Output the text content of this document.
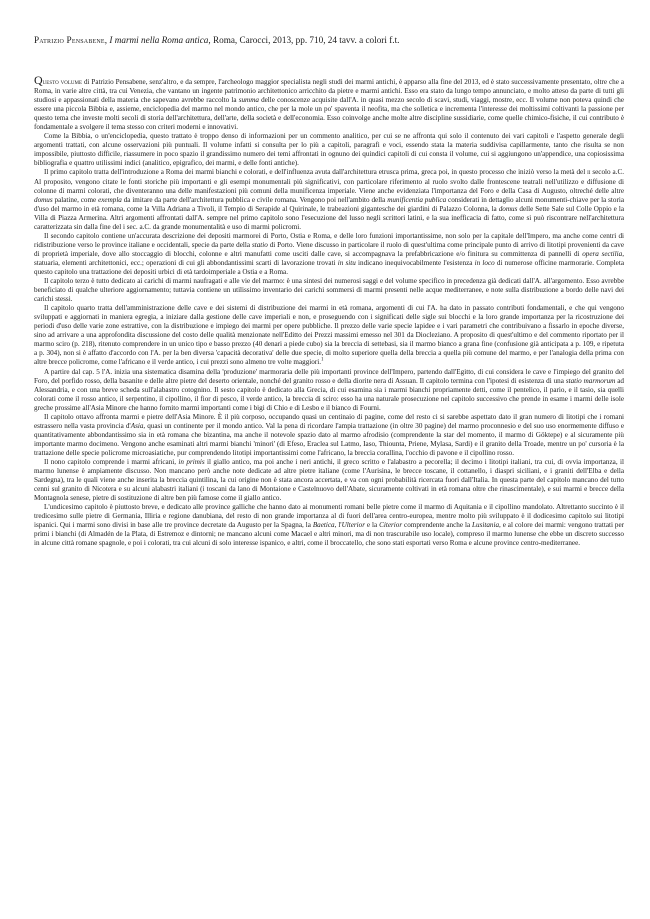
Patrizio Pensabene, I marmi nella Roma antica, Roma, Carocci, 2013, pp. 710, 24 tavv. a colori f.t.

Questo volume di Patrizio Pensabene, senz'altro, e da sempre, l'archeologo maggior specialista negli studi dei marmi antichi, è apparso alla fine del 2013, ed è stato successivamente presentato, oltre che a Roma, in varie altre città, tra cui Venezia, che vantano un ingente patrimonio architettonico arricchito da pietre e marmi antichi. Esso era stato da lungo tempo annunciato, e molto atteso da parte di tutti gli studiosi e appassionati della materia che sapevano avrebbe raccolto la summa delle conoscenze acquisite dall'A. in quasi mezzo secolo di scavi, studi, viaggi, mostre, ecc. Il volume non poteva quindi che essere una piccola Bibbia e, assieme, enciclopedia del marmo nel mondo antico, che per la mole un po' spaventa il neofita, ma che solletica e incrementa l'interesse dei moltissimi coltivanti la passione per questo tema che investe molti secoli di storia dell'architettura, dell'arte, della società e dell'economia. Esso coinvolge anche molte altre discipline sussidiarie, come quelle chimico-fisiche, il cui contributo è fondamentale a svolgere il tema stesso con criteri moderni e innovativi.

Come la Bibbia, o un'enciclopedia, questo trattato è troppo denso di informazioni per un commento analitico, per cui se ne affronta qui solo il contenuto dei vari capitoli e l'aspetto generale degli argomenti trattati, con alcune osservazioni più puntuali. Il volume infatti si consulta per lo più a capitoli, paragrafi e voci, essendo stata la materia suddivisa capillarmente, tanto che risulta se non impossibile, piuttosto difficile, riassumere in poco spazio il grandissimo numero dei temi affrontati in ognuno dei quindici capitoli di cui consta il volume, cui si aggiungono un'appendice, una copiosissima bibliografia e quattro utilissimi indici (analitico, epigrafico, dei marmi, e delle fonti antiche).

Il primo capitolo tratta dell'introduzione a Roma dei marmi bianchi e colorati, e dell'influenza avuta dall'architettura etrusca prima, greca poi, in questo processo che iniziò verso la metà del ii secolo a.C. Al proposito, vengono citate le fonti storiche più importanti e gli esempi monumentali più significativi, con particolare riferimento al ruolo svolto dalle frontescene teatrali nell'utilizzo e diffusione di colonne di marmi colorati, che diventeranno una delle manifestazioni più comuni della munificenza imperiale. Viene anche evidenziata l'importanza del Foro e della Casa di Augusto, oltreché delle altre domus palatine, come exempla da imitare da parte dell'architettura pubblica e civile romana. Vengono poi nell'ambito della munificentia publica considerati in dettaglio alcuni monumenti-chiave per la storia d'uso del marmo in età romana, come la Villa Adriana a Tivoli, il Tempio di Serapide al Quirinale, le trabeazioni gigantesche dei giardini di Palazzo Colonna, la domus delle Sette Sale sul Colle Oppio e la Villa di Piazza Armerina. Altri argomenti affrontati dall'A. sempre nel primo capitolo sono l'esecuzione del lusso negli scrittori latini, e la sua inefficacia di fatto, come si può riscontrare nell'architettura caratterizzata sin dalla fine del i sec. a.C. da grande monumentalità e uso di marmi policromi.

Il secondo capitolo contiene un'accurata descrizione dei depositi marmorei di Porto, Ostia e Roma, e delle loro funzioni importantissime, non solo per la capitale dell'Impero, ma anche come centri di ridistribuzione verso le province italiane e occidentali, specie da parte della statio di Porto. Viene discusso in particolare il ruolo di quest'ultima come principale punto di arrivo di litotipi provenienti da cave di proprietà imperiale, dove allo stoccaggio di blocchi, colonne e altri manufatti come usciti dalle cave, si accompagnava la prefabbricazione e/o finitura su committenza di pannelli di opera sectilia, statuaria, elementi architettonici, ecc.; operazioni di cui gli abbondantissimi scarti di lavorazione trovati in situ indicano inequivocabilmente l'esistenza in loco di numerose officine marmorarie. Completa questo capitolo una trattazione dei depositi urbici di età tardoimperiale a Ostia e a Roma.

Il capitolo terzo è tutto dedicato ai carichi di marmi naufragati e alle vie del marmo: è una sintesi dei numerosi saggi e del volume specifico in precedenza già dedicati dall'A. all'argomento. Esso avrebbe beneficiato di qualche ulteriore aggiornamento; tuttavia contiene un utilissimo inventario dei carichi sommersi di marmi presenti nelle acque mediterranee, e note sulla distribuzione a bordo delle navi dei carichi stessi.

Il capitolo quarto tratta dell'amministrazione delle cave e dei sistemi di distribuzione dei marmi in età romana, argomenti di cui l'A. ha dato in passato contributi fondamentali, e che qui vengono sviluppati e aggiornati in maniera egregia, a iniziare dalla gestione delle cave imperiali e non, e proseguendo con i significati delle sigle sui blocchi e la loro grande importanza per la ricostruzione dei periodi d'uso delle varie zone estrattive, con la distribuzione e impiego dei marmi per opere pubbliche. Il prezzo delle varie specie lapidee e i vari parametri che contribuivano a fissarlo in epoche diverse, sino ad arrivare a una approfondita discussione del costo delle qualità menzionate nell'Editto dei Prezzi massimi emesso nel 301 da Diocleziano. A proposito di quest'ultimo e del commento riportato per il marmo sciro (p. 218), ritenuto comprendere in un unico tipo e basso prezzo (40 denari a piede cubo) sia la breccia di settebasi, sia il marmo bianco a grana fine (confusione già anticipata a p. 109, e ripetuta a p. 304), non si è affatto d'accordo con l'A. per la ben diversa 'capacità decorativa' delle due specie, di molto superiore quella della breccia a quella più comune del marmo, e per l'analogia della prima con altre brecce policrome, come l'africano e il verde antico, i cui prezzi sono almeno tre volte maggiori.$^1$

A partire dal cap. 5 l'A. inizia una sistematica disamina della 'produzione' marmoraria delle più importanti province dell'Impero, partendo dall'Egitto, di cui considera le cave e l'impiego del granito del Foro, del porfido rosso, della basanite e delle altre pietre del deserto orientale, nonché del granito rosso e della diorite nera di Assuan. Il capitolo termina con l'ipotesi di esistenza di una statio marmorum ad Alessandria, e con una breve scheda sull'alabastro cotognino. Il sesto capitolo è dedicato alla Grecia, di cui esamina sia i marmi bianchi propriamente detti, come il pentelico, il pario, e il tasio, sia quelli colorati come il rosso antico, il serpentino, il cipollino, il fior di pesco, il verde antico, la breccia di sciro: esso ha una naturale prosecuzione nel capitolo successivo che prende in esame i marmi delle isole greche prossime all'Asia Minore che hanno fornito marmi importanti come i bigi di Chio e di Lesbo e il bianco di Fourni.

Il capitolo ottavo affronta marmi e pietre dell'Asia Minore. È il più corposo, occupando quasi un centinaio di pagine, come del resto ci si sarebbe aspettato dato il gran numero di litotipi che i romani estrassero nella vasta provincia d'Asia, quasi un continente per il mondo antico. Val la pena di ricordare l'ampia trattazione (in oltre 30 pagine) del marmo proconnesio e del suo uso enormemente diffuso e quantitativamente abbondantissimo sia in età romana che bizantina, ma anche il notevole spazio dato al marmo afrodisio (comprendente la star del momento, il marmo di Göktepe) e al sicuramente più importante marmo docimeno. Vengono anche esaminati altri marmi bianchi 'minori' (di Efeso, Eraclea sul Latmo, Iaso, Thiounta, Priene, Mylasa, Sardi) e il granito della Troade, mentre un po' cursoria è la trattazione delle specie policrome microasiatiche, pur comprendendo litotipi importantissimi come l'africano, la breccia corallina, l'occhio di pavone e il cipollino rosso.

Il nono capitolo comprende i marmi africani, in primis il giallo antico, ma poi anche i neri antichi, il greco scritto e l'alabastro a pecorella; il decimo i litotipi italiani, tra cui, di ovvia importanza, il marmo lunense è ampiamente discusso. Non mancano però anche note dedicate ad altre pietre italiane (come l'Aurisina, le brecce toscane, il cottanello, i diaspri siciliani, e i graniti dell'Elba e della Sardegna), tra le quali viene anche inserita la breccia quintilina, la cui origine non è stata ancora accertata, e va con ogni probabilità ricercata fuori dall'Italia. In questa parte del capitolo mancano del tutto cenni sul granito di Nicotera e su alcuni alabastri italiani (i toscani da lano di Montaione e Castelnuovo dell'Abate, sicuramente coltivati in età romana oltre che rinascimentale), e sui marmi e brecce della Montagnola senese, pietre di sostituzione di altre ben più famose come il giallo antico.

L'undicesimo capitolo è piuttosto breve, e dedicato alle province galliche che hanno dato ai monumenti romani belle pietre come il marmo di Aquitania e il cipollino mandolato. Altrettanto succinto è il tredicesimo sulle pietre di Germania, Illiria e regione danubiana, del resto di non grande importanza al di fuori dell'area centro-europea, mentre molto più sviluppato è il dodicesimo capitolo sui litotipi ispanici. Qui i marmi sono divisi in base alle tre province decretate da Augusto per la Spagna, la Baetica, l'Ulterior e la Citerior comprendente anche la Lusitania, e al colore dei marmi: vengono trattati per primi i bianchi (di Almadén de la Plata, di Estremoz e dintorni; ne mancano alcuni come Macael e altri minori, ma di non trascurabile uso locale), compreso il marmo lunense che ebbe un discreto successo in alcune città romane spagnole, e poi i colorati, tra cui alcuni di solo interesse ispanico, e altri, come il broccatello, che sono stati esportati verso Roma e alcune province centro-mediterranee.
